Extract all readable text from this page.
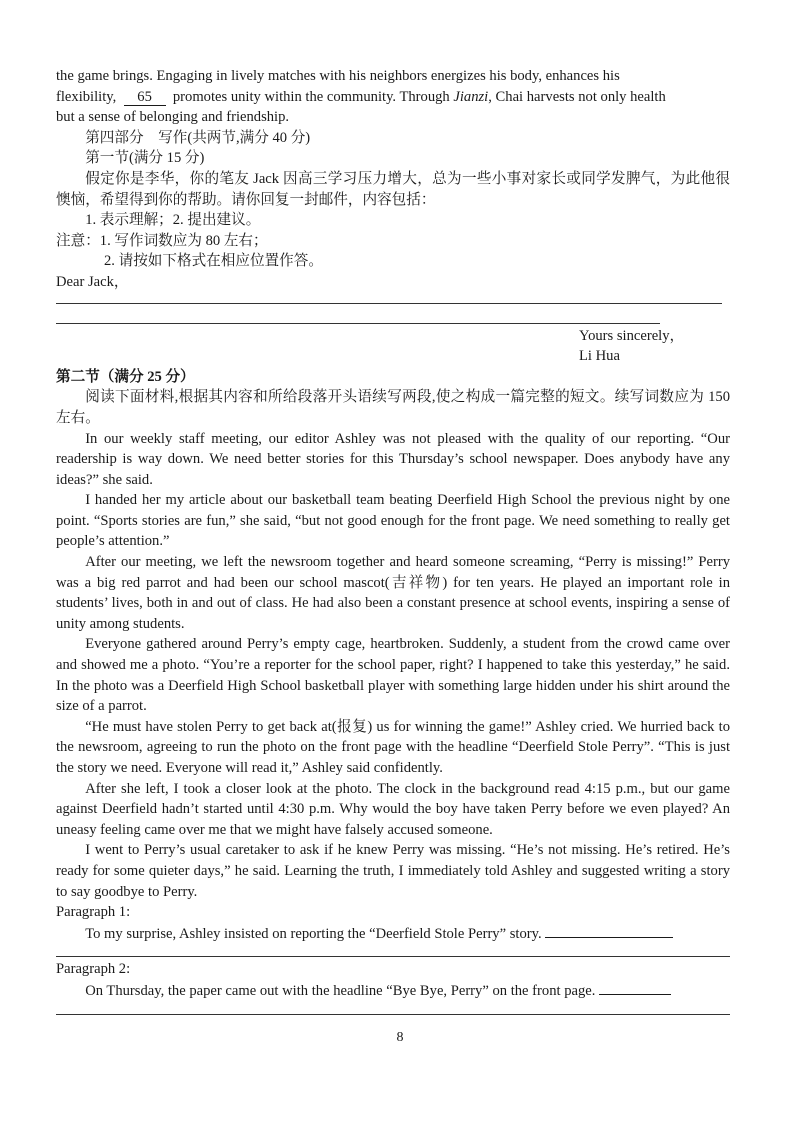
the game brings. Engaging in lively matches with his neighbors energizes his body, enhances his

flexibility, 65 promotes unity within the community. Through Jianzi, Chai harvests not only health

but a sense of belonging and friendship.

第四部分　写作(共两节,满分 40 分)

第一节(满分 15 分)

假定你是李华，你的笔友 Jack 因高三学习压力增大，总为一些小事对家长或同学发脾气，为此他很懊恼，希望得到你的帮助。请你回复一封邮件，内容包括：

1. 表示理解；2. 提出建议。

注意：1. 写作词数应为 80 左右；

2. 请按如下格式在相应位置作答。

Dear Jack，

Yours sincerely，

Li Hua

第二节（满分 25 分）

阅读下面材料,根据其内容和所给段落开头语续写两段,使之构成一篇完整的短文。续写词数应为 150 左右。

In our weekly staff meeting, our editor Ashley was not pleased with the quality of our reporting. “Our readership is way down. We need better stories for this Thursday’s school newspaper. Does anybody have any ideas?” she said.

I handed her my article about our basketball team beating Deerfield High School the previous night by one point. “Sports stories are fun,” she said, “but not good enough for the front page. We need something to really get people’s attention.”

After our meeting, we left the newsroom together and heard someone screaming, “Perry is missing!” Perry was a big red parrot and had been our school mascot(吉祥物) for ten years. He played an important role in students’ lives, both in and out of class. He had also been a constant presence at school events, inspiring a sense of unity among students.

Everyone gathered around Perry’s empty cage, heartbroken. Suddenly, a student from the crowd came over and showed me a photo. “You’re a reporter for the school paper, right? I happened to take this yesterday,” he said. In the photo was a Deerfield High School basketball player with something large hidden under his shirt around the size of a parrot.

“He must have stolen Perry to get back at(报复) us for winning the game!” Ashley cried. We hurried back to the newsroom, agreeing to run the photo on the front page with the headline “Deerfield Stole Perry”. “This is just the story we need. Everyone will read it,” Ashley said confidently.

After she left, I took a closer look at the photo. The clock in the background read 4:15 p.m., but our game against Deerfield hadn’t started until 4:30 p.m. Why would the boy have taken Perry before we even played? An uneasy feeling came over me that we might have falsely accused someone.

I went to Perry’s usual caretaker to ask if he knew Perry was missing. “He’s not missing. He’s retired. He’s ready for some quieter days,” he said. Learning the truth, I immediately told Ashley and suggested writing a story to say goodbye to Perry.

Paragraph 1:

To my surprise, Ashley insisted on reporting the “Deerfield Stole Perry” story.

Paragraph 2:

On Thursday, the paper came out with the headline “Bye Bye, Perry” on the front page.

8
